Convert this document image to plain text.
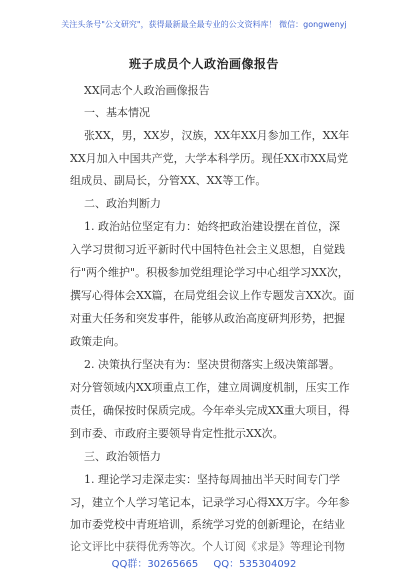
关注头条号"公文研究"，获得最新最全最专业的公文资料库！ 微信：gongwenyj
班子成员个人政治画像报告
XX同志个人政治画像报告
一、基本情况
张XX，男，XX岁，汉族，XX年XX月参加工作，XX年
XX月加入中国共产党，大学本科学历。现任XX市XX局党
组成员、副局长，分管XX、XX等工作。
二、政治判断力
1. 政治站位坚定有力：始终把政治建设摆在首位，深
入学习贯彻习近平新时代中国特色社会主义思想，自觉践
行"两个维护"。积极参加党组理论学习中心组学习XX次，
撰写心得体会XX篇，在局党组会议上作专题发言XX次。面
对重大任务和突发事件，能够从政治高度研判形势，把握
政策走向。
2. 决策执行坚决有为：坚决贯彻落实上级决策部署。
对分管领域内XX项重点工作，建立周调度机制，压实工作
责任，确保按时保质完成。今年牵头完成XX重大项目，得
到市委、市政府主要领导肯定性批示XX次。
三、政治领悟力
1. 理论学习走深走实：坚持每周抽出半天时间专门学
习，建立个人学习笔记本，记录学习心得XX万字。今年参
加市委党校中青班培训，系统学习党的创新理论，在结业
论文评比中获得优秀等次。个人订阅《求是》等理论刊物
QQ群：30265665 QQ：535304092
